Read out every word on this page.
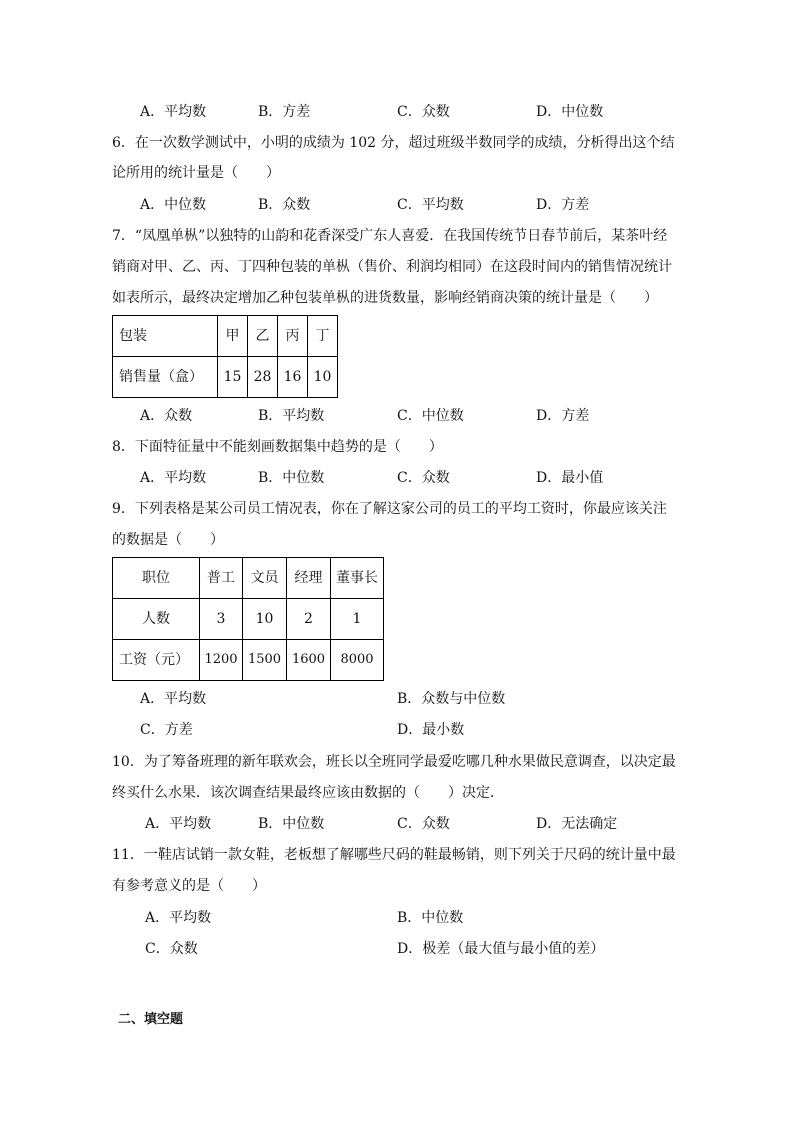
A．平均数	B．方差	C．众数	D．中位数
6．在一次数学测试中，小明的成绩为 102 分，超过班级半数同学的成绩，分析得出这个结
论所用的统计量是（　　）
A．中位数	B．众数	C．平均数	D．方差
7．“凤凰单枞”以独特的山韵和花香深受广东人喜爱．在我国传统节日春节前后，某茶叶经
销商对甲、乙、丙、丁四种包装的单枞（售价、利润均相同）在这段时间内的销售情况统计
如表所示，最终决定增加乙种包装单枞的进货数量，影响经销商决策的统计量是（　　）
包装	甲	乙	丙	丁
销售量（盒）	15	28	16	10
A．众数	B．平均数	C．中位数	D．方差
8．下面特征量中不能刻画数据集中趋势的是（　　）
A．平均数	B．中位数	C．众数	D．最小值
9．下列表格是某公司员工情况表，你在了解这家公司的员工的平均工资时，你最应该关注
的数据是（　　）
职位	普工	文员	经理	董事长
人数	3	10	2	1
工资（元）	1200	1500	1600	8000
A．平均数	B．众数与中位数
C．方差	D．最小数
10．为了筹备班理的新年联欢会，班长以全班同学最爱吃哪几种水果做民意调查，以决定最
终买什么水果．该次调查结果最终应该由数据的（　　）决定．
A．平均数	B．中位数	C．众数	D．无法确定
11．一鞋店试销一款女鞋，老板想了解哪些尺码的鞋最畅销，则下列关于尺码的统计量中最
有参考意义的是（　　）
A．平均数	B．中位数
C．众数	D．极差（最大值与最小值的差）
二、填空题
